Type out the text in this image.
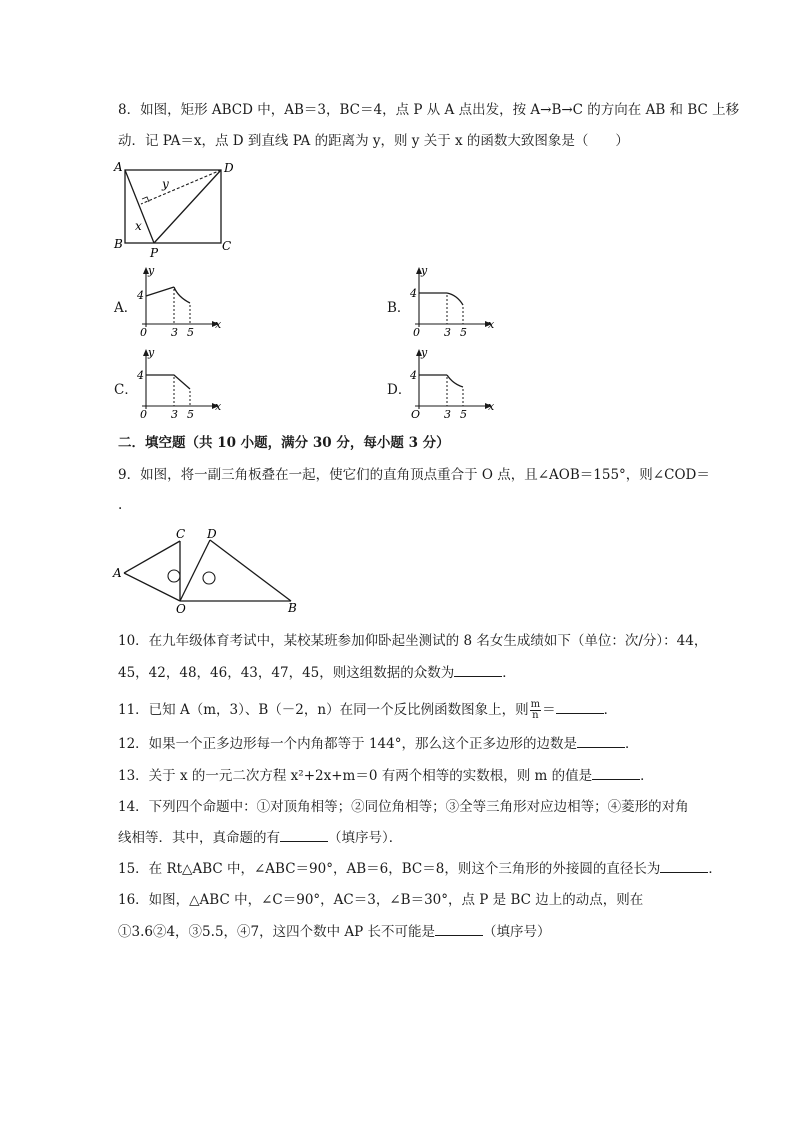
8．如图，矩形 ABCD 中，AB＝3，BC＝4，点 P 从 A 点出发，按 A→B→C 的方向在 AB 和 BC 上移
动．记 PA＝x，点 D 到直线 PA 的距离为 y，则 y 关于 x 的函数大致图象是（　　）
A	D
B	C
P
x
y
A．
y
4
0 3 5
x
B．
y
4
0 3 5
x
C．
y
4
0 3 5
x
D．
y
4
O 3 5
x
二．填空题（共 10 小题，满分 30 分，每小题 3 分）
9．如图，将一副三角板叠在一起，使它们的直角顶点重合于 O 点，且∠AOB＝155°，则∠COD＝
.
A
C D
O	B
10．在九年级体育考试中，某校某班参加仰卧起坐测试的 8 名女生成绩如下（单位：次/分）：44，
45，42，48，46，43，47，45，则这组数据的众数为	．
11．已知 A（m，3）、B（－2，n）在同一个反比例函数图象上，则 $\frac{m}{n}$ ＝	．
12．如果一个正多边形每一个内角都等于 144°，那么这个正多边形的边数是	．
13．关于 x 的一元二次方程 x²+2x+m＝0 有两个相等的实数根，则 m 的值是	．
14．下列四个命题中：①对顶角相等；②同位角相等；③全等三角形对应边相等；④菱形的对角
线相等．其中，真命题的有	（填序号）．
15．在 Rt△ABC 中，∠ABC＝90°，AB＝6，BC＝8，则这个三角形的外接圆的直径长为	．
16．如图，△ABC 中，∠C＝90°，AC＝3，∠B＝30°，点 P 是 BC 边上的动点，则在
①3.6②4，③5.5，④7，这四个数中 AP 长不可能是	（填序号）
